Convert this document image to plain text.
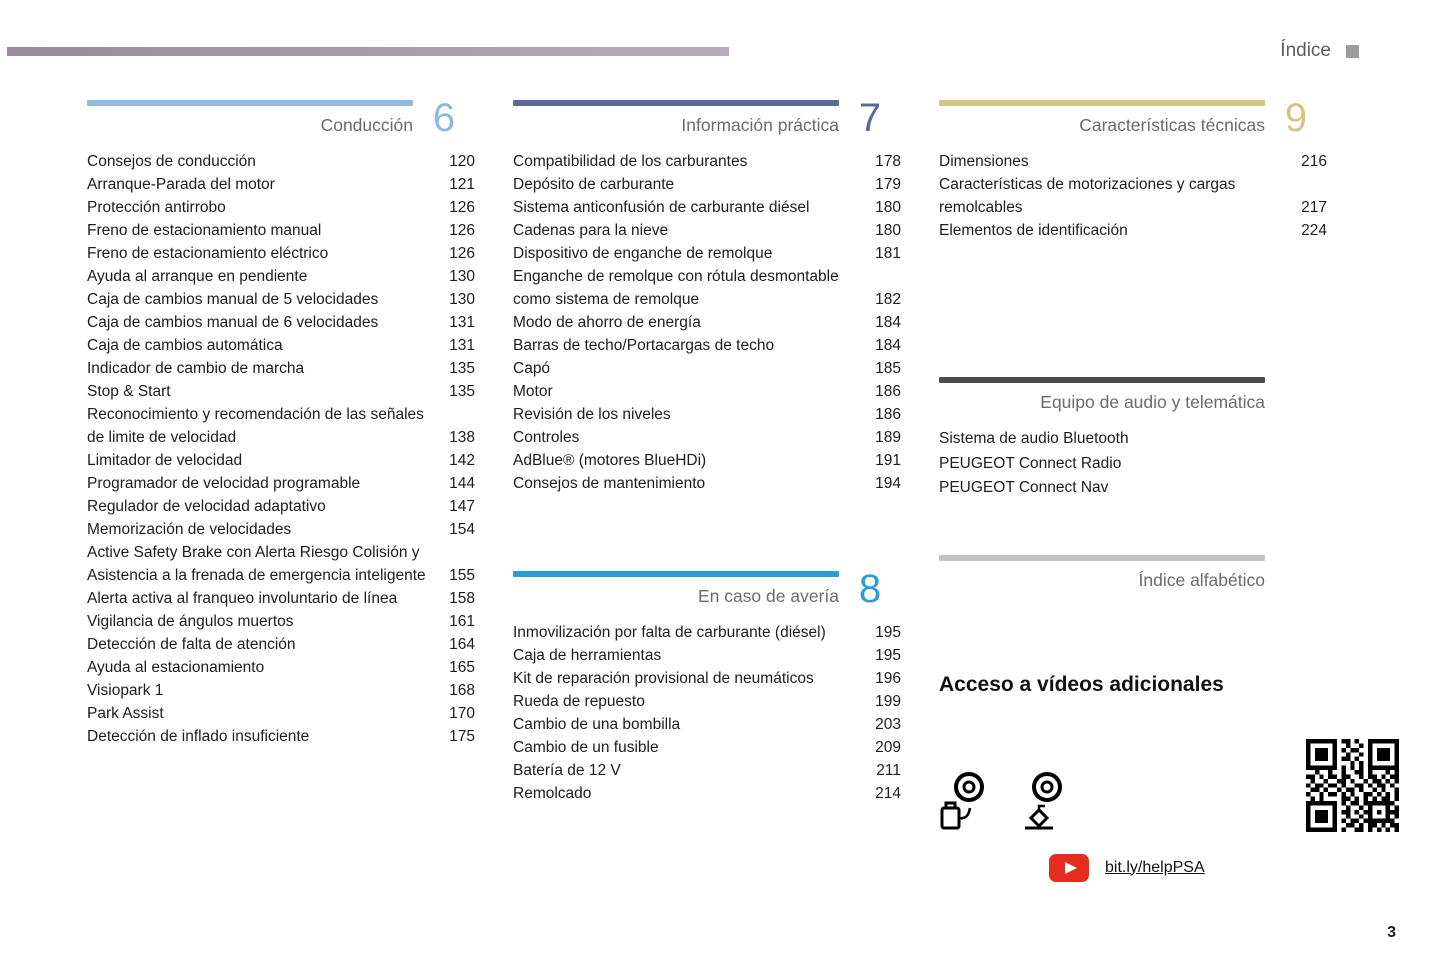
Índice
Conducción 6
Consejos de conducción	120
Arranque-Parada del motor	121
Protección antirrobo	126
Freno de estacionamiento manual	126
Freno de estacionamiento eléctrico	126
Ayuda al arranque en pendiente	130
Caja de cambios manual de 5 velocidades	130
Caja de cambios manual de 6 velocidades	131
Caja de cambios automática	131
Indicador de cambio de marcha	135
Stop & Start	135
Reconocimiento y recomendación de las señales de limite de velocidad	138
Limitador de velocidad	142
Programador de velocidad programable	144
Regulador de velocidad adaptativo	147
Memorización de velocidades	154
Active Safety Brake con Alerta Riesgo Colisión y Asistencia a la frenada de emergencia inteligente	155
Alerta activa al franqueo involuntario de línea	158
Vigilancia de ángulos muertos	161
Detección de falta de atención	164
Ayuda al estacionamiento	165
Visiopark 1	168
Park Assist	170
Detección de inflado insuficiente	175
Información práctica 7
Compatibilidad de los carburantes	178
Depósito de carburante	179
Sistema anticonfusión de carburante diésel	180
Cadenas para la nieve	180
Dispositivo de enganche de remolque	181
Enganche de remolque con rótula desmontable como sistema de remolque	182
Modo de ahorro de energía	184
Barras de techo/Portacargas de techo	184
Capó	185
Motor	186
Revisión de los niveles	186
Controles	189
AdBlue® (motores BlueHDi)	191
Consejos de mantenimiento	194
En caso de avería 8
Inmovilización por falta de carburante (diésel)	195
Caja de herramientas	195
Kit de reparación provisional de neumáticos	196
Rueda de repuesto	199
Cambio de una bombilla	203
Cambio de un fusible	209
Batería de 12 V	211
Remolcado	214
Características técnicas 9
Dimensiones	216
Características de motorizaciones y cargas remolcables	217
Elementos de identificación	224
Equipo de audio y telemática
Sistema de audio Bluetooth
PEUGEOT Connect Radio
PEUGEOT Connect Nav
Índice alfabético
Acceso a vídeos adicionales
bit.ly/helpPSA
3
